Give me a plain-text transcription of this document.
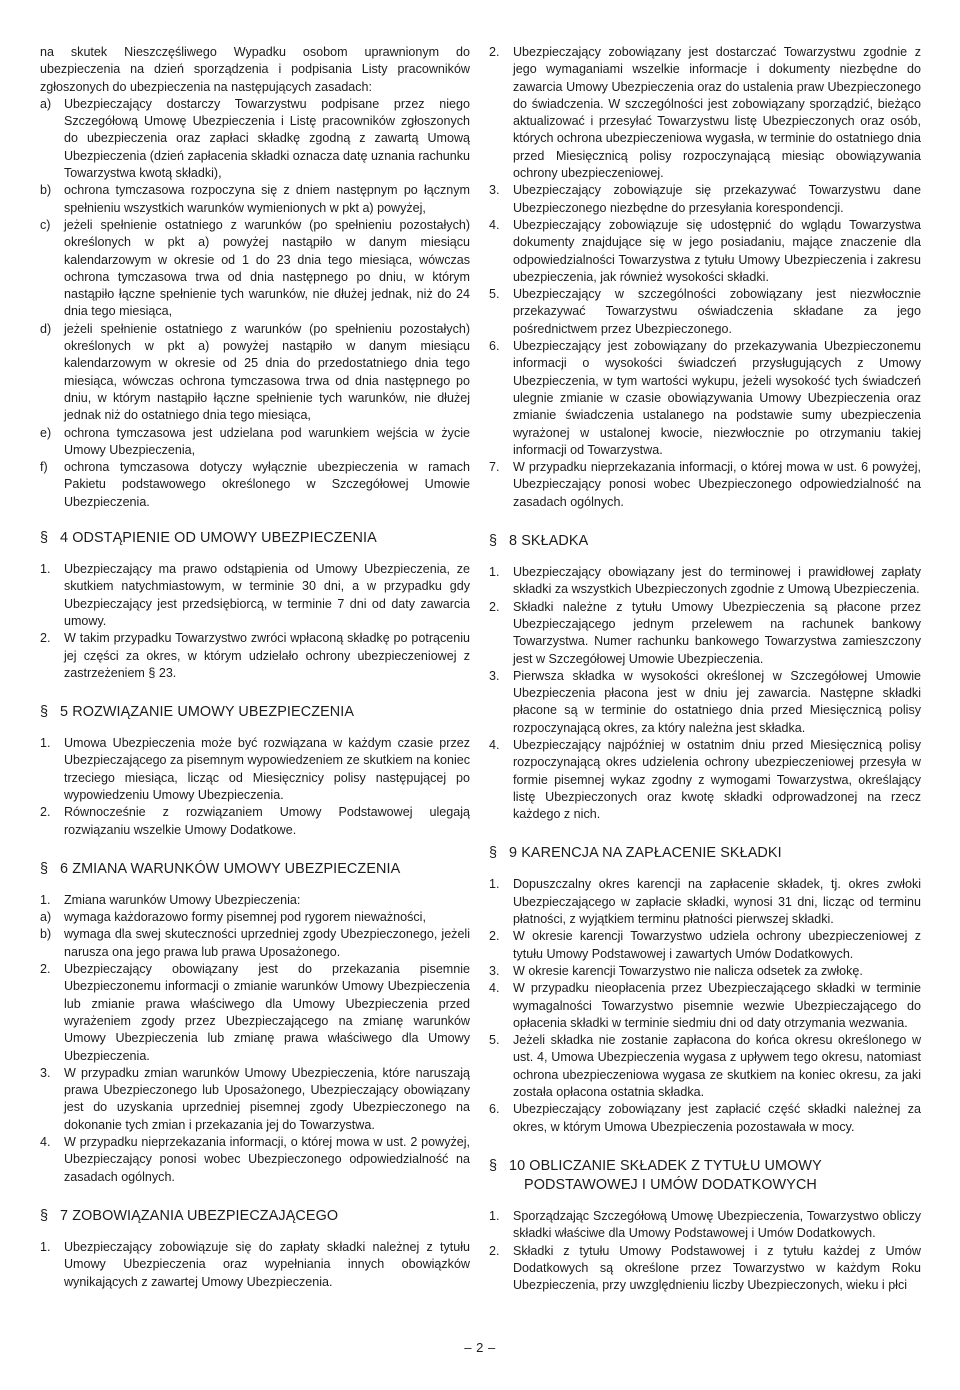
na skutek Nieszczęśliwego Wypadku osobom uprawnionym do ubezpieczenia na dzień sporządzenia i podpisania Listy pracowników zgłoszonych do ubezpieczenia na następujących zasadach:

a)	Ubezpieczający dostarczy Towarzystwu podpisane przez niego Szczegółową Umowę Ubezpieczenia i Listę pracowników zgłoszonych do ubezpieczenia oraz zapłaci składkę zgodną z zawartą Umową Ubezpieczenia (dzień zapłacenia składki oznacza datę uznania rachunku Towarzystwa kwotą składki),
b)	ochrona tymczasowa rozpoczyna się z dniem następnym po łącznym spełnieniu wszystkich warunków wymienionych w pkt a) powyżej,
c)	jeżeli spełnienie ostatniego z warunków (po spełnieniu pozostałych) określonych w pkt a) powyżej nastąpiło w danym miesiącu kalendarzowym w okresie od 1 do 23 dnia tego miesiąca, wówczas ochrona tymczasowa trwa od dnia następnego po dniu, w którym nastąpiło łączne spełnienie tych warunków, nie dłużej jednak, niż do 24 dnia tego miesiąca,
d)	jeżeli spełnienie ostatniego z warunków (po spełnieniu pozostałych) określonych w pkt a) powyżej nastąpiło w danym miesiącu kalendarzowym w okresie od 25 dnia do przedostatniego dnia tego miesiąca, wówczas ochrona tymczasowa trwa od dnia następnego po dniu, w którym nastąpiło łączne spełnienie tych warunków, nie dłużej jednak niż do ostatniego dnia tego miesiąca,
e)	ochrona tymczasowa jest udzielana pod warunkiem wejścia w życie Umowy Ubezpieczenia,
f)	ochrona tymczasowa dotyczy wyłącznie ubezpieczenia w ramach Pakietu podstawowego określonego w Szczegółowej Umowie Ubezpieczenia.
§ 4 ODSTĄPIENIE OD UMOWY UBEZPIECZENIA
1.	Ubezpieczający ma prawo odstąpienia od Umowy Ubezpieczenia, ze skutkiem natychmiastowym, w terminie 30 dni, a w przypadku gdy Ubezpieczający jest przedsiębiorcą, w terminie 7 dni od daty zawarcia umowy.
2.	W takim przypadku Towarzystwo zwróci wpłaconą składkę po potrąceniu jej części za okres, w którym udzielało ochrony ubezpieczeniowej z zastrzeżeniem § 23.
§ 5 ROZWIĄZANIE UMOWY UBEZPIECZENIA
1.	Umowa Ubezpieczenia może być rozwiązana w każdym czasie przez Ubezpieczającego za pisemnym wypowiedzeniem ze skutkiem na koniec trzeciego miesiąca, licząc od Miesięcznicy polisy następującej po wypowiedzeniu Umowy Ubezpieczenia.
2.	Równocześnie z rozwiązaniem Umowy Podstawowej ulegają rozwiązaniu wszelkie Umowy Dodatkowe.
§ 6 ZMIANA WARUNKÓW UMOWY UBEZPIECZENIA
1.	Zmiana warunków Umowy Ubezpieczenia:
a)	wymaga każdorazowo formy pisemnej pod rygorem nieważności,
b)	wymaga dla swej skuteczności uprzedniej zgody Ubezpieczonego, jeżeli narusza ona jego prawa lub prawa Uposażonego.
2.	Ubezpieczający obowiązany jest do przekazania pisemnie Ubezpieczonemu informacji o zmianie warunków Umowy Ubezpieczenia lub zmianie prawa właściwego dla Umowy Ubezpieczenia przed wyrażeniem zgody przez Ubezpieczającego na zmianę warunków Umowy Ubezpieczenia lub zmianę prawa właściwego dla Umowy Ubezpieczenia.
3.	W przypadku zmian warunków Umowy Ubezpieczenia, które naruszają prawa Ubezpieczonego lub Uposażonego, Ubezpieczający obowiązany jest do uzyskania uprzedniej pisemnej zgody Ubezpieczonego na dokonanie tych zmian i przekazania jej do Towarzystwa.
4.	W przypadku nieprzekazania informacji, o której mowa w ust. 2 powyżej, Ubezpieczający ponosi wobec Ubezpieczonego odpowiedzialność na zasadach ogólnych.
§ 7 ZOBOWIĄZANIA UBEZPIECZAJĄCEGO
1.	Ubezpieczający zobowiązuje się do zapłaty składki należnej z tytułu Umowy Ubezpieczenia oraz wypełniania innych obowiązków wynikających z zawartej Umowy Ubezpieczenia.
2.	Ubezpieczający zobowiązany jest dostarczać Towarzystwu zgodnie z jego wymaganiami wszelkie informacje i dokumenty niezbędne do zawarcia Umowy Ubezpieczenia oraz do ustalenia praw Ubezpieczonego do świadczenia. W szczególności jest zobowiązany sporządzić, bieżąco aktualizować i przesyłać Towarzystwu listę Ubezpieczonych oraz osób, których ochrona ubezpieczeniowa wygasła, w terminie do ostatniego dnia przed Miesięcznicą polisy rozpoczynającą miesiąc obowiązywania ochrony ubezpieczeniowej.
3.	Ubezpieczający zobowiązuje się przekazywać Towarzystwu dane Ubezpieczonego niezbędne do przesyłania korespondencji.
4.	Ubezpieczający zobowiązuje się udostępnić do wglądu Towarzystwa dokumenty znajdujące się w jego posiadaniu, mające znaczenie dla odpowiedzialności Towarzystwa z tytułu Umowy Ubezpieczenia i zakresu ubezpieczenia, jak również wysokości składki.
5.	Ubezpieczający w szczególności zobowiązany jest niezwłocznie przekazywać Towarzystwu oświadczenia składane za jego pośrednictwem przez Ubezpieczonego.
6.	Ubezpieczający jest zobowiązany do przekazywania Ubezpieczonemu informacji o wysokości świadczeń przysługujących z Umowy Ubezpieczenia, w tym wartości wykupu, jeżeli wysokość tych świadczeń ulegnie zmianie w czasie obowiązywania Umowy Ubezpieczenia oraz zmianie świadczenia ustalanego na podstawie sumy ubezpieczenia wyrażonej w ustalonej kwocie, niezwłocznie po otrzymaniu takiej informacji od Towarzystwa.
7.	W przypadku nieprzekazania informacji, o której mowa w ust. 6 powyżej, Ubezpieczający ponosi wobec Ubezpieczonego odpowiedzialność na zasadach ogólnych.
§ 8 SKŁADKA
1.	Ubezpieczający obowiązany jest do terminowej i prawidłowej zapłaty składki za wszystkich Ubezpieczonych zgodnie z Umową Ubezpieczenia.
2.	Składki należne z tytułu Umowy Ubezpieczenia są płacone przez Ubezpieczającego jednym przelewem na rachunek bankowy Towarzystwa. Numer rachunku bankowego Towarzystwa zamieszczony jest w Szczegółowej Umowie Ubezpieczenia.
3.	Pierwsza składka w wysokości określonej w Szczegółowej Umowie Ubezpieczenia płacona jest w dniu jej zawarcia. Następne składki płacone są w terminie do ostatniego dnia przed Miesięcznicą polisy rozpoczynającą okres, za który należna jest składka.
4.	Ubezpieczający najpóźniej w ostatnim dniu przed Miesięcznicą polisy rozpoczynającą okres udzielenia ochrony ubezpieczeniowej przesyła w formie pisemnej wykaz zgodny z wymogami Towarzystwa, określający listę Ubezpieczonych oraz kwotę składki odprowadzonej na rzecz każdego z nich.
§ 9 KARENCJA NA ZAPŁACENIE SKŁADKI
1.	Dopuszczalny okres karencji na zapłacenie składek, tj. okres zwłoki Ubezpieczającego w zapłacie składki, wynosi 31 dni, licząc od terminu płatności, z wyjątkiem terminu płatności pierwszej składki.
2.	W okresie karencji Towarzystwo udziela ochrony ubezpieczeniowej z tytułu Umowy Podstawowej i zawartych Umów Dodatkowych.
3.	W okresie karencji Towarzystwo nie nalicza odsetek za zwłokę.
4.	W przypadku nieopłacenia przez Ubezpieczającego składki w terminie wymagalności Towarzystwo pisemnie wezwie Ubezpieczającego do opłacenia składki w terminie siedmiu dni od daty otrzymania wezwania.
5.	Jeżeli składka nie zostanie zapłacona do końca okresu określonego w ust. 4, Umowa Ubezpieczenia wygasa z upływem tego okresu, natomiast ochrona ubezpieczeniowa wygasa ze skutkiem na koniec okresu, za jaki została opłacona ostatnia składka.
6.	Ubezpieczający zobowiązany jest zapłacić część składki należnej za okres, w którym Umowa Ubezpieczenia pozostawała w mocy.
§ 10 OBLICZANIE SKŁADEK Z TYTUŁU UMOWY
PODSTAWOWEJ I UMÓW DODATKOWYCH
1.	Sporządzając Szczegółową Umowę Ubezpieczenia, Towarzystwo obliczy składki właściwe dla Umowy Podstawowej i Umów Dodatkowych.
2.	Składki z tytułu Umowy Podstawowej i z tytułu każdej z Umów Dodatkowych są określone przez Towarzystwo w każdym Roku Ubezpieczenia, przy uwzględnieniu liczby Ubezpieczonych, wieku i płci
– 2 –
